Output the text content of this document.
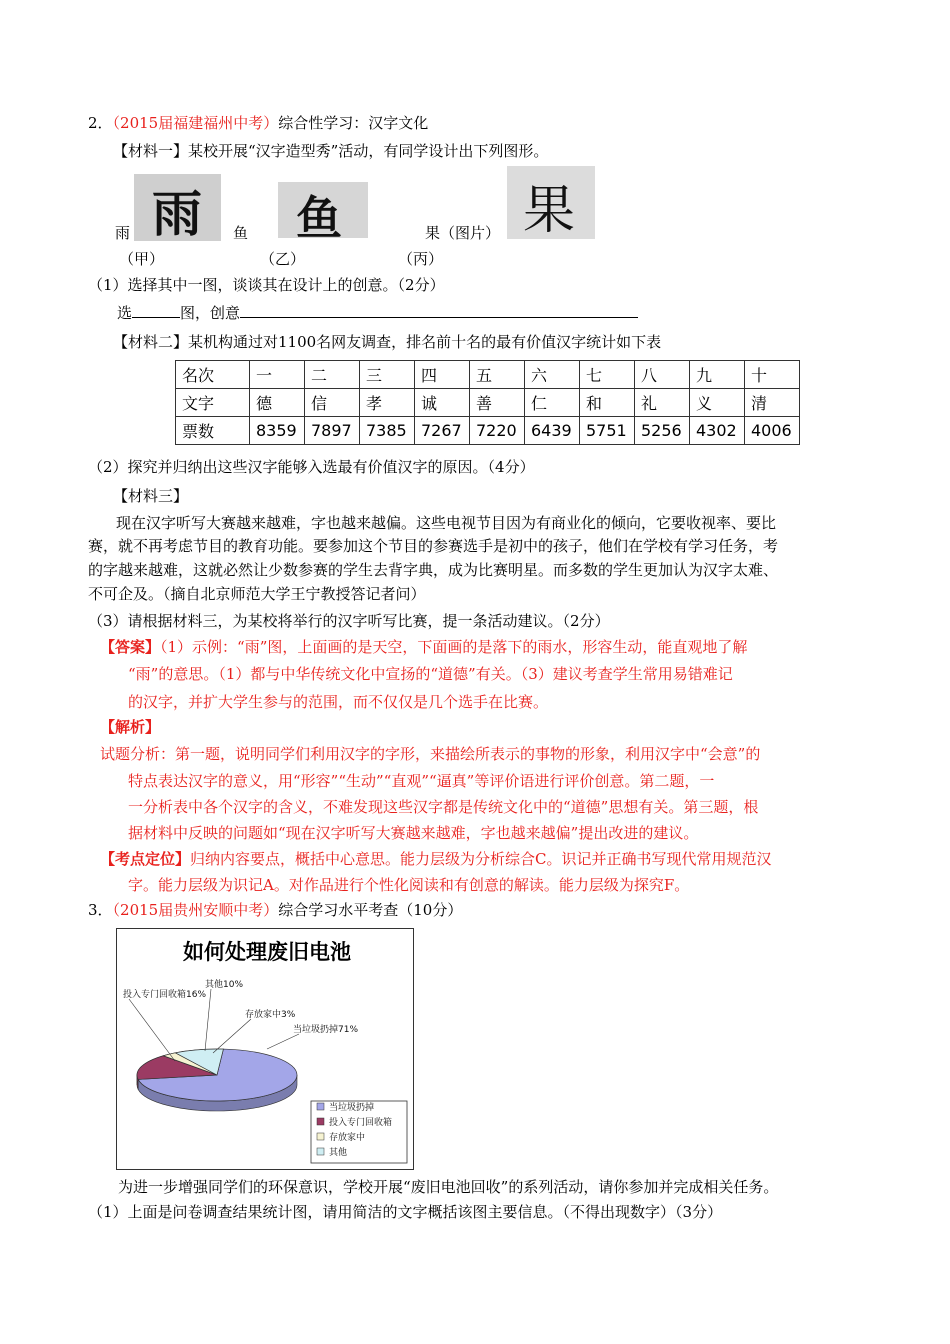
2．（2015届福建福州中考）综合性学习：汉字文化
【材料一】某校开展“汉字造型秀”活动，有同学设计出下列图形。
雨
雨
（甲）
鱼
鱼
（乙）
果
果（图片）
（丙）
（1）选择其中一图，谈谈其在设计上的创意。（2分）
选	图，创意
【材料二】某机构通过对1100名网友调查，排名前十名的最有价值汉字统计如下表
名次	一	二	三	四	五	六	七	八	九	十
文字	德	信	孝	诚	善	仁	和	礼	义	清
票数	8359	7897	7385	7267	7220	6439	5751	5256	4302	4006
（2）探究并归纳出这些汉字能够入选最有价值汉字的原因。（4分）
【材料三】
现在汉字听写大赛越来越难，字也越来越偏。这些电视节目因为有商业化的倾向，它要收视率、要比
赛，就不再考虑节目的教育功能。要参加这个节目的参赛选手是初中的孩子，他们在学校有学习任务，考
的字越来越难，这就必然让少数参赛的学生去背字典，成为比赛明星。而多数的学生更加认为汉字太难、
不可企及。（摘自北京师范大学王宁教授答记者问）
（3）请根据材料三，为某校将举行的汉字听写比赛，提一条活动建议。（2分）
【答案】（1）示例：“雨”图，上面画的是天空，下面画的是落下的雨水，形容生动，能直观地了解
“雨”的意思。（1）都与中华传统文化中宣扬的“道德”有关。（3）建议考查学生常用易错难记
的汉字，并扩大学生参与的范围，而不仅仅是几个选手在比赛。
【解析】
试题分析：第一题，说明同学们利用汉字的字形，来描绘所表示的事物的形象，利用汉字中“会意”的
特点表达汉字的意义，用“形容”“生动”“直观”“逼真”等评价语进行评价创意。第二题，一
一分析表中各个汉字的含义，不难发现这些汉字都是传统文化中的“道德”思想有关。第三题，根
据材料中反映的问题如“现在汉字听写大赛越来越难，字也越来越偏”提出改进的建议。
【考点定位】归纳内容要点，概括中心意思。能力层级为分析综合C。识记并正确书写现代常用规范汉
字。能力层级为识记A。对作品进行个性化阅读和有创意的解读。能力层级为探究F。
3．（2015届贵州安顺中考）综合学习水平考查（10分）
如何处理废旧电池
当垃圾扔掉71%
投入专门回收箱16%
存放家中3%
其他10%
当垃圾扔掉
投入专门回收箱
存放家中
其他
为进一步增强同学们的环保意识，学校开展“废旧电池回收”的系列活动，请你参加并完成相关任务。
（1）上面是问卷调查结果统计图，请用简洁的文字概括该图主要信息。（不得出现数字）（3分）
